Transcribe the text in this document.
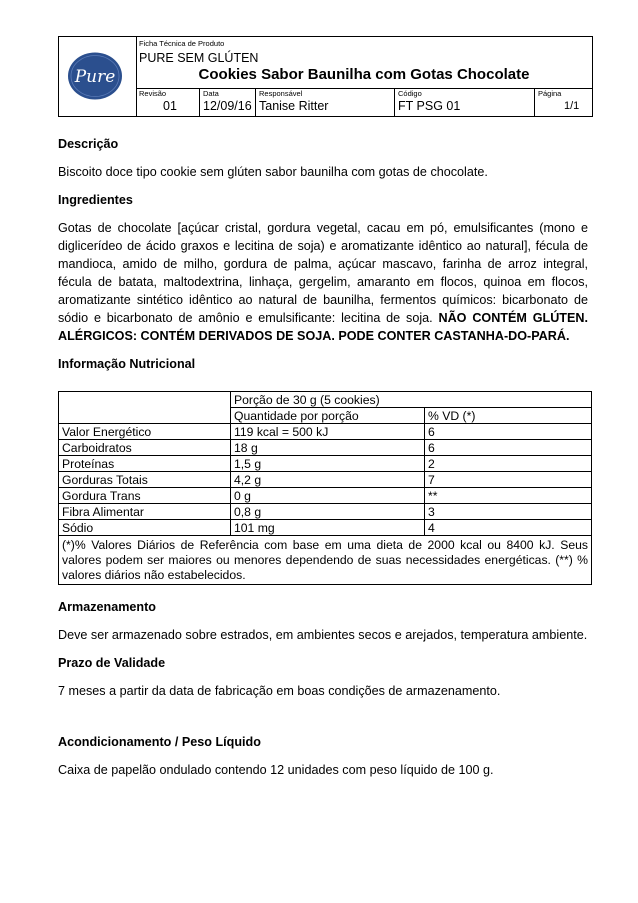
Pure
Ficha Técnica de Produto
PURE SEM GLÚTEN
Cookies Sabor Baunilha com Gotas Chocolate
Revisão
01
Data
12/09/16
Responsável
Tanise Ritter
Código
FT PSG 01
Página
1/1

Descrição

Biscoito doce tipo cookie sem glúten sabor baunilha com gotas de chocolate.

Ingredientes

Gotas de chocolate [açúcar cristal, gordura vegetal, cacau em pó, emulsificantes (mono e diglicerídeo de ácido graxos e lecitina de soja) e aromatizante idêntico ao natural], fécula de mandioca, amido de milho, gordura de palma, açúcar mascavo, farinha de arroz integral, fécula de batata, maltodextrina, linhaça, gergelim, amaranto em flocos, quinoa em flocos, aromatizante sintético idêntico ao natural de baunilha, fermentos químicos: bicarbonato de sódio e bicarbonato de amônio e emulsificante: lecitina de soja. NÃO CONTÉM GLÚTEN. ALÉRGICOS: CONTÉM DERIVADOS DE SOJA. PODE CONTER CASTANHA-DO-PARÁ.

Informação Nutricional

	Porção de 30 g (5 cookies)	
	Quantidade por porção	% VD (*)
Valor Energético	119 kcal = 500 kJ	6
Carboidratos	18 g	6
Proteínas	1,5 g	2
Gorduras Totais	4,2 g	7
Gordura Trans	0 g	**
Fibra Alimentar	0,8 g	3
Sódio	101 mg	4
(*)% Valores Diários de Referência com base em uma dieta de 2000 kcal ou 8400 kJ. Seus valores podem ser maiores ou menores dependendo de suas necessidades energéticas. (**) % valores diários não estabelecidos.		

Armazenamento

Deve ser armazenado sobre estrados, em ambientes secos e arejados, temperatura ambiente.

Prazo de Validade

7 meses a partir da data de fabricação em boas condições de armazenamento.

Acondicionamento / Peso Líquido

Caixa de papelão ondulado contendo 12 unidades com peso líquido de 100 g.
